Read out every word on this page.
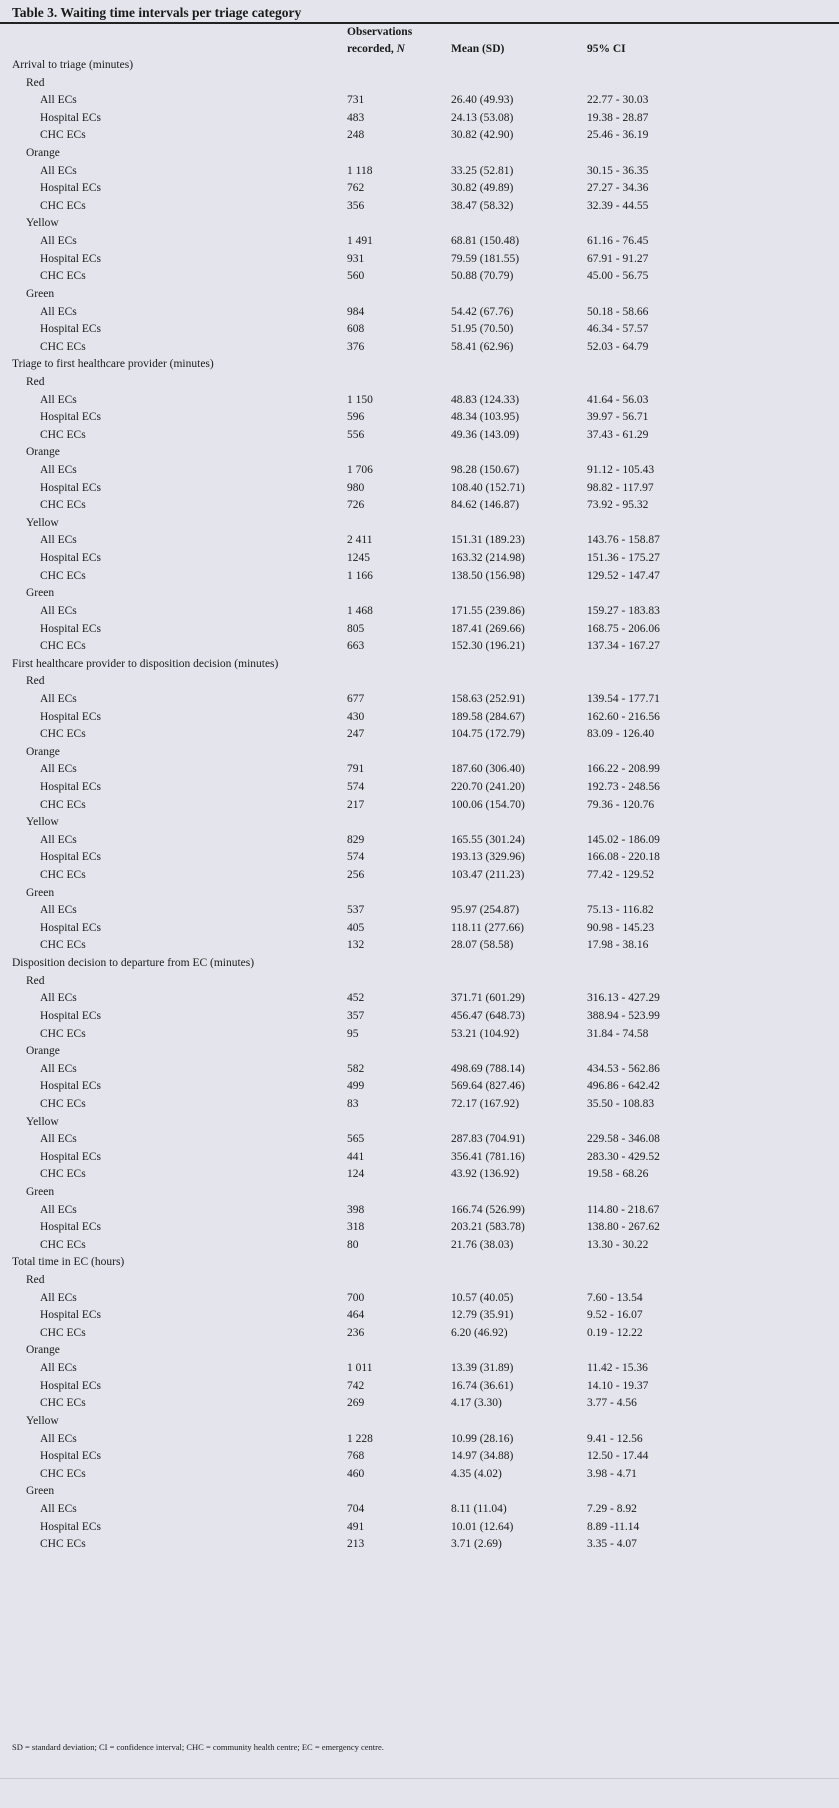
Table 3. Waiting time intervals per triage category
Observations
recorded, N	Mean (SD)	95% CI
Arrival to triage (minutes)
Red
All ECs	731	26.40 (49.93)	22.77 - 30.03
Hospital ECs	483	24.13 (53.08)	19.38 - 28.87
CHC ECs	248	30.82 (42.90)	25.46 - 36.19
Orange
All ECs	1 118	33.25 (52.81)	30.15 - 36.35
Hospital ECs	762	30.82 (49.89)	27.27 - 34.36
CHC ECs	356	38.47 (58.32)	32.39 - 44.55
Yellow
All ECs	1 491	68.81 (150.48)	61.16 - 76.45
Hospital ECs	931	79.59 (181.55)	67.91 - 91.27
CHC ECs	560	50.88 (70.79)	45.00 - 56.75
Green
All ECs	984	54.42 (67.76)	50.18 - 58.66
Hospital ECs	608	51.95 (70.50)	46.34 - 57.57
CHC ECs	376	58.41 (62.96)	52.03 - 64.79
Triage to first healthcare provider (minutes)
Red
All ECs	1 150	48.83 (124.33)	41.64 - 56.03
Hospital ECs	596	48.34 (103.95)	39.97 - 56.71
CHC ECs	556	49.36 (143.09)	37.43 - 61.29
Orange
All ECs	1 706	98.28 (150.67)	91.12 - 105.43
Hospital ECs	980	108.40 (152.71)	98.82 - 117.97
CHC ECs	726	84.62 (146.87)	73.92 - 95.32
Yellow
All ECs	2 411	151.31 (189.23)	143.76 - 158.87
Hospital ECs	1245	163.32 (214.98)	151.36 - 175.27
CHC ECs	1 166	138.50 (156.98)	129.52 - 147.47
Green
All ECs	1 468	171.55 (239.86)	159.27 - 183.83
Hospital ECs	805	187.41 (269.66)	168.75 - 206.06
CHC ECs	663	152.30 (196.21)	137.34 - 167.27
First healthcare provider to disposition decision (minutes)
Red
All ECs	677	158.63 (252.91)	139.54 - 177.71
Hospital ECs	430	189.58 (284.67)	162.60 - 216.56
CHC ECs	247	104.75 (172.79)	83.09 - 126.40
Orange
All ECs	791	187.60 (306.40)	166.22 - 208.99
Hospital ECs	574	220.70 (241.20)	192.73 - 248.56
CHC ECs	217	100.06 (154.70)	79.36 - 120.76
Yellow
All ECs	829	165.55 (301.24)	145.02 - 186.09
Hospital ECs	574	193.13 (329.96)	166.08 - 220.18
CHC ECs	256	103.47 (211.23)	77.42 - 129.52
Green
All ECs	537	95.97 (254.87)	75.13 - 116.82
Hospital ECs	405	118.11 (277.66)	90.98 - 145.23
CHC ECs	132	28.07 (58.58)	17.98 - 38.16
Disposition decision to departure from EC (minutes)
Red
All ECs	452	371.71 (601.29)	316.13 - 427.29
Hospital ECs	357	456.47 (648.73)	388.94 - 523.99
CHC ECs	95	53.21 (104.92)	31.84 - 74.58
Orange
All ECs	582	498.69 (788.14)	434.53 - 562.86
Hospital ECs	499	569.64 (827.46)	496.86 - 642.42
CHC ECs	83	72.17 (167.92)	35.50 - 108.83
Yellow
All ECs	565	287.83 (704.91)	229.58 - 346.08
Hospital ECs	441	356.41 (781.16)	283.30 - 429.52
CHC ECs	124	43.92 (136.92)	19.58 - 68.26
Green
All ECs	398	166.74 (526.99)	114.80 - 218.67
Hospital ECs	318	203.21 (583.78)	138.80 - 267.62
CHC ECs	80	21.76 (38.03)	13.30 - 30.22
Total time in EC (hours)
Red
All ECs	700	10.57 (40.05)	7.60 - 13.54
Hospital ECs	464	12.79 (35.91)	9.52 - 16.07
CHC ECs	236	6.20 (46.92)	0.19 - 12.22
Orange
All ECs	1 011	13.39 (31.89)	11.42 - 15.36
Hospital ECs	742	16.74 (36.61)	14.10 - 19.37
CHC ECs	269	4.17 (3.30)	3.77 - 4.56
Yellow
All ECs	1 228	10.99 (28.16)	9.41 - 12.56
Hospital ECs	768	14.97 (34.88)	12.50 - 17.44
CHC ECs	460	4.35 (4.02)	3.98 - 4.71
Green
All ECs	704	8.11 (11.04)	7.29 - 8.92
Hospital ECs	491	10.01 (12.64)	8.89 -11.14
CHC ECs	213	3.71 (2.69)	3.35 - 4.07
SD = standard deviation; CI = confidence interval; CHC = community health centre; EC = emergency centre.
